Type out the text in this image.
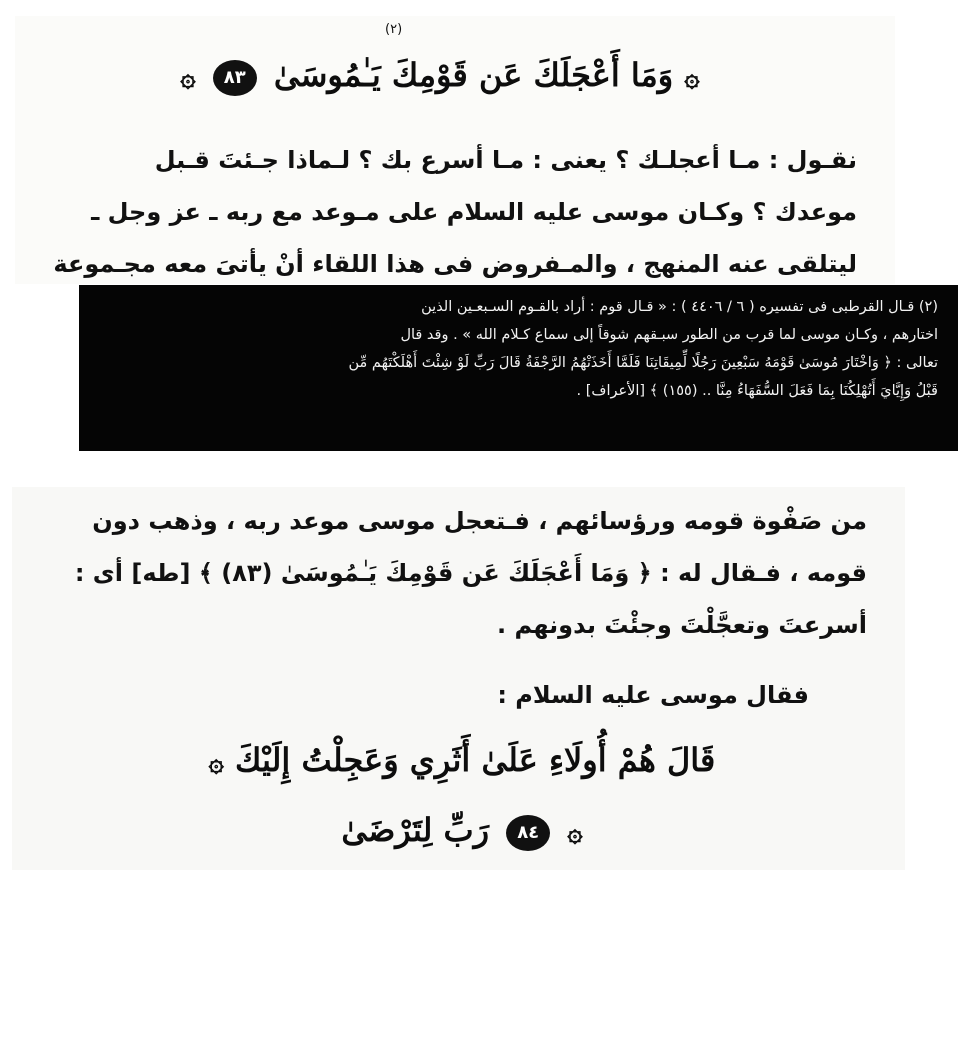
(٢)
۞ وَمَا أَعْجَلَكَ عَن قَوْمِكَ يَـٰمُوسَىٰ ٨٣ ۞
نقـول : مـا أعجلـك ؟ يعنى : مـا أسرع بك ؟ لـماذا جـئتَ قـبل
موعدك ؟ وكـان موسى عليه السلام على مـوعد مع ربه ـ عز وجل ـ
ليتلقى عنه المنهج ، والمـفروض فى هذا اللقاء أنْ يأتىَ معه مجـموعة
(٢) قـال القرطبى فى تفسيره ( ٦ / ٤٤٠٦ ) : « قـال قوم : أراد بالقـوم السـبعـين الذين
اختارهم ، وكـان موسى لما قرب من الطور سبـقهم شوقاً إلى سماع كـلام الله » . وقد قال
تعالى : ﴿ وَاخْتَارَ مُوسَىٰ قَوْمَهُ سَبْعِينَ رَجُلًا لِّمِيقَاتِنَا فَلَمَّا أَخَذَتْهُمُ الرَّجْفَةُ قَالَ رَبِّ لَوْ شِئْتَ أَهْلَكْتَهُم مِّن
قَبْلُ وَإِيَّايَ أَتُهْلِكُنَا بِمَا فَعَلَ السُّفَهَاءُ مِنَّا .. (١٥٥) ﴾ [الأعراف] .
من صَفْوة قومه ورؤسائهم ، فـتعجل موسى موعد ربه ، وذهب دون
قومه ، فـقال له : ﴿ وَمَا أَعْجَلَكَ عَن قَوْمِكَ يَـٰمُوسَىٰ (٨٣) ﴾ [طه] أى :
أسرعتَ وتعجَّلْتَ وجئْتَ بدونهم .
فقال موسى عليه السلام :
قَالَ هُمْ أُولَاءِ عَلَىٰ أَثَرِي وَعَجِلْتُ إِلَيْكَ ۞
۞ ٨٤ رَبِّ لِتَرْضَىٰ
